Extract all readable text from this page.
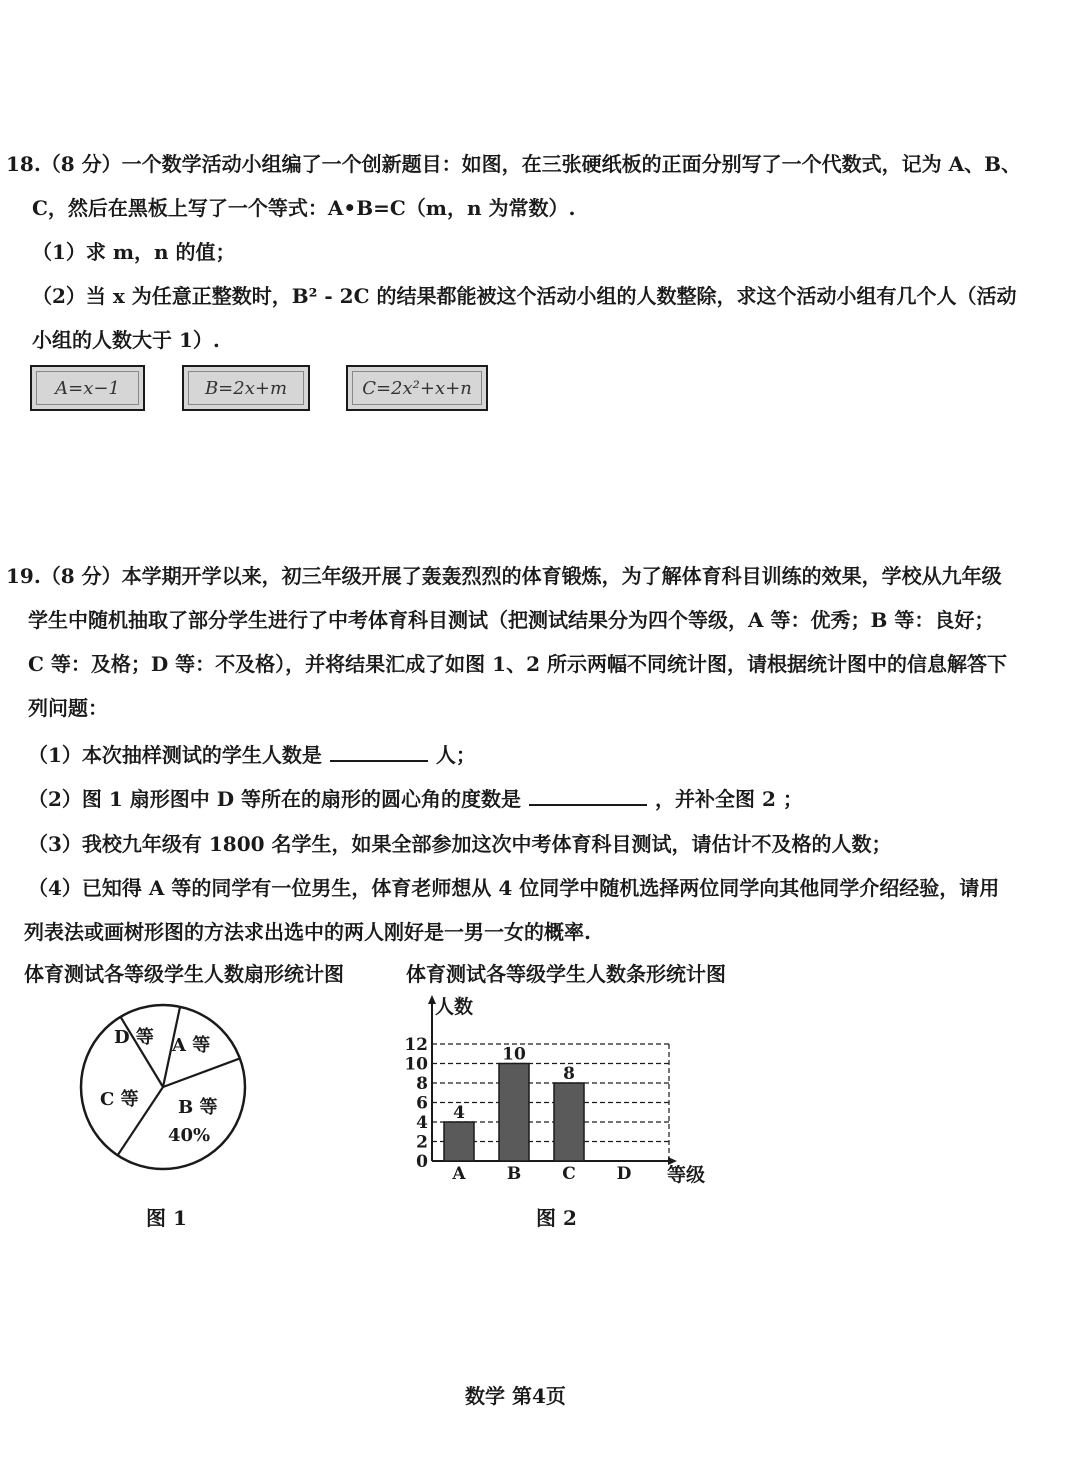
18.（8 分）一个数学活动小组编了一个创新题目：如图，在三张硬纸板的正面分别写了一个代数式，记为 A、B、
C，然后在黑板上写了一个等式：A•B=C（m，n 为常数）.
（1）求 m，n 的值；
（2）当 x 为任意正整数时，B² - 2C 的结果都能被这个活动小组的人数整除，求这个活动小组有几个人（活动
小组的人数大于 1）.
A=x−1	B=2x+m	C=2x²+x+n
19.（8 分）本学期开学以来，初三年级开展了轰轰烈烈的体育锻炼，为了解体育科目训练的效果，学校从九年级
学生中随机抽取了部分学生进行了中考体育科目测试（把测试结果分为四个等级，A 等：优秀；B 等：良好；
C 等：及格；D 等：不及格），并将结果汇成了如图 1、2 所示两幅不同统计图，请根据统计图中的信息解答下
列问题：
（1）本次抽样测试的学生人数是	人；
（2）图 1 扇形图中 D 等所在的扇形的圆心角的度数是	，并补全图 2 ；
（3）我校九年级有 1800 名学生，如果全部参加这次中考体育科目测试，请估计不及格的人数；
（4）已知得 A 等的同学有一位男生，体育老师想从 4 位同学中随机选择两位同学向其他同学介绍经验，请用
列表法或画树形图的方法求出选中的两人刚好是一男一女的概率.
体育测试各等级学生人数扇形统计图	体育测试各等级学生人数条形统计图
D 等 A 等
C 等 B 等
40%
人数
等级
0
2
4
6
8
10
12
4
A
10
B
8
C D
图 1	图 2
数学 第4页
